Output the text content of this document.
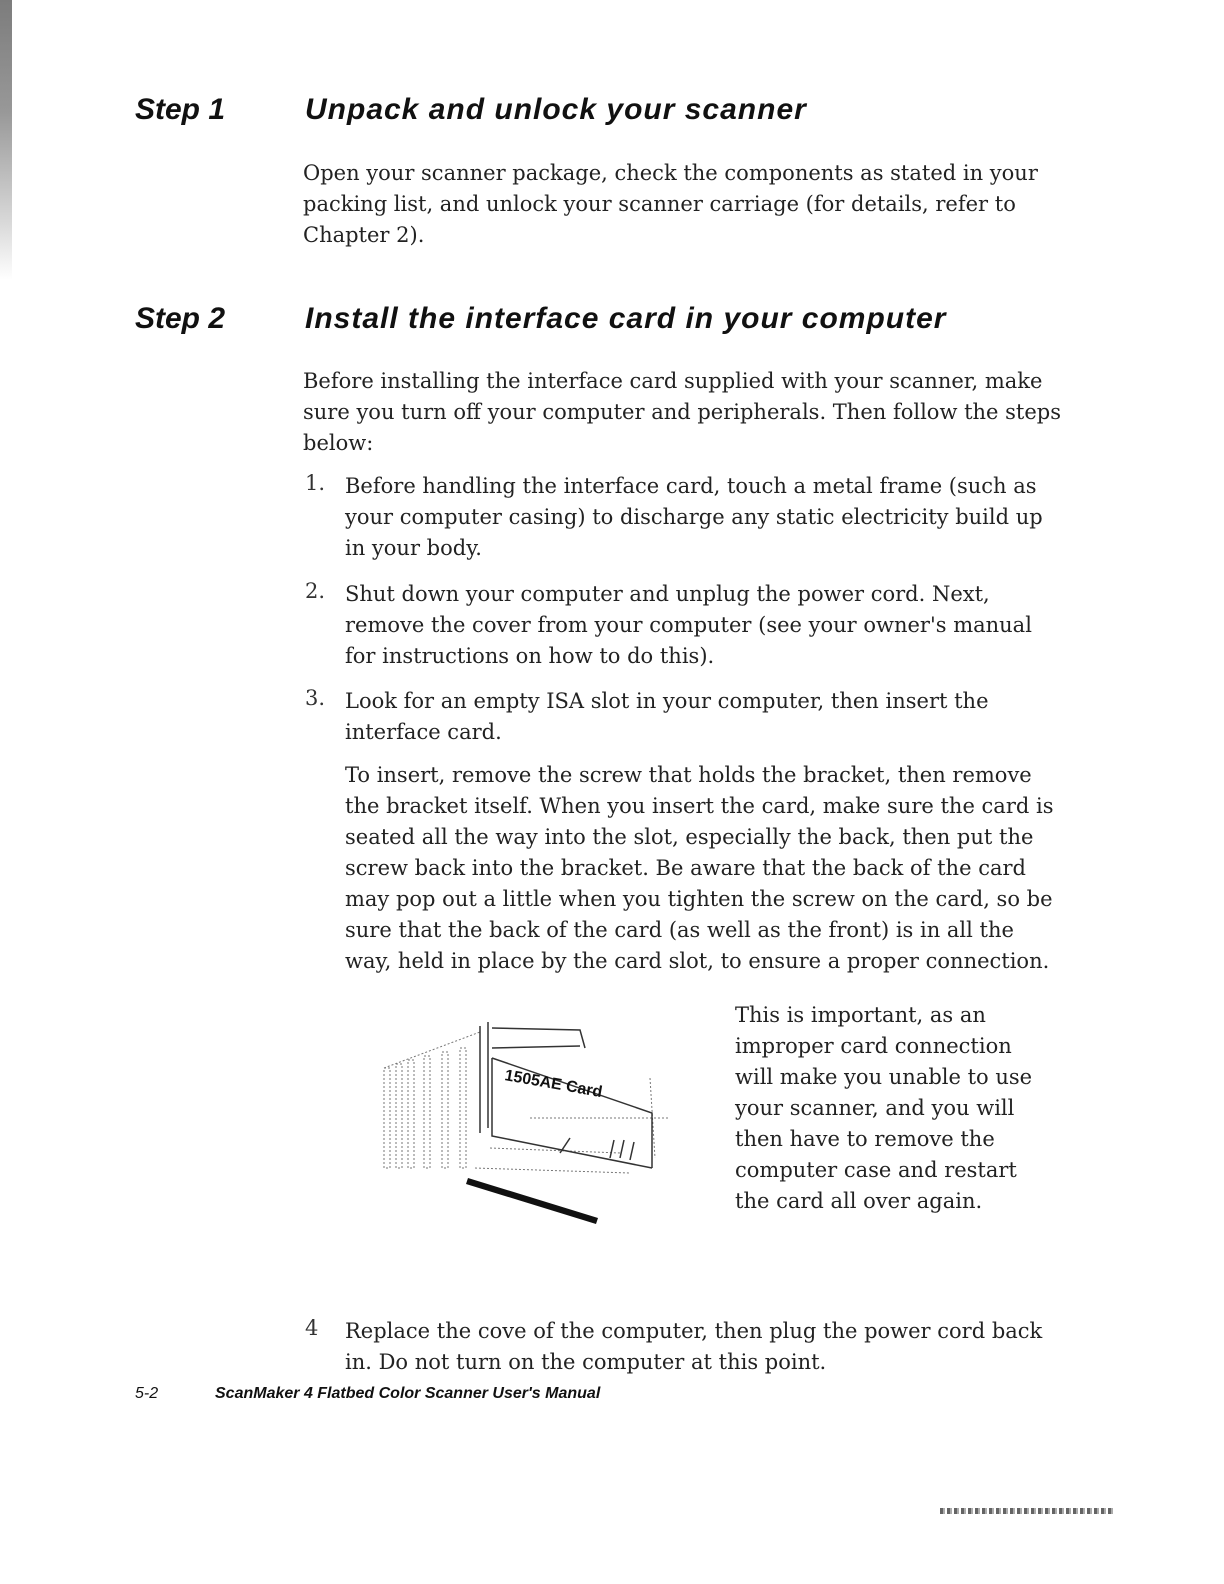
Step 1	Unpack and unlock your scanner

Open your scanner package, check the components as stated in your packing list, and unlock your scanner carriage (for details, refer to Chapter 2).

Step 2	Install the interface card in your computer

Before installing the interface card supplied with your scanner, make sure you turn off your computer and peripherals. Then follow the steps below:

1. Before handling the interface card, touch a metal frame (such as your computer casing) to discharge any static electricity build up in your body.

2. Shut down your computer and unplug the power cord. Next, remove the cover from your computer (see your owner's manual for instructions on how to do this).

3. Look for an empty ISA slot in your computer, then insert the interface card.

To insert, remove the screw that holds the bracket, then remove the bracket itself. When you insert the card, make sure the card is seated all the way into the slot, especially the back, then put the screw back into the bracket. Be aware that the back of the card may pop out a little when you tighten the screw on the card, so be sure that the back of the card (as well as the front) is in all the way, held in place by the card slot, to ensure a proper connection.

1505AE Card

This is important, as an improper card connection will make you unable to use your scanner, and you will then have to remove the computer case and restart the card all over again.

4 Replace the cove of the computer, then plug the power cord back in. Do not turn on the computer at this point.

5-2	ScanMaker 4 Flatbed Color Scanner User's Manual
